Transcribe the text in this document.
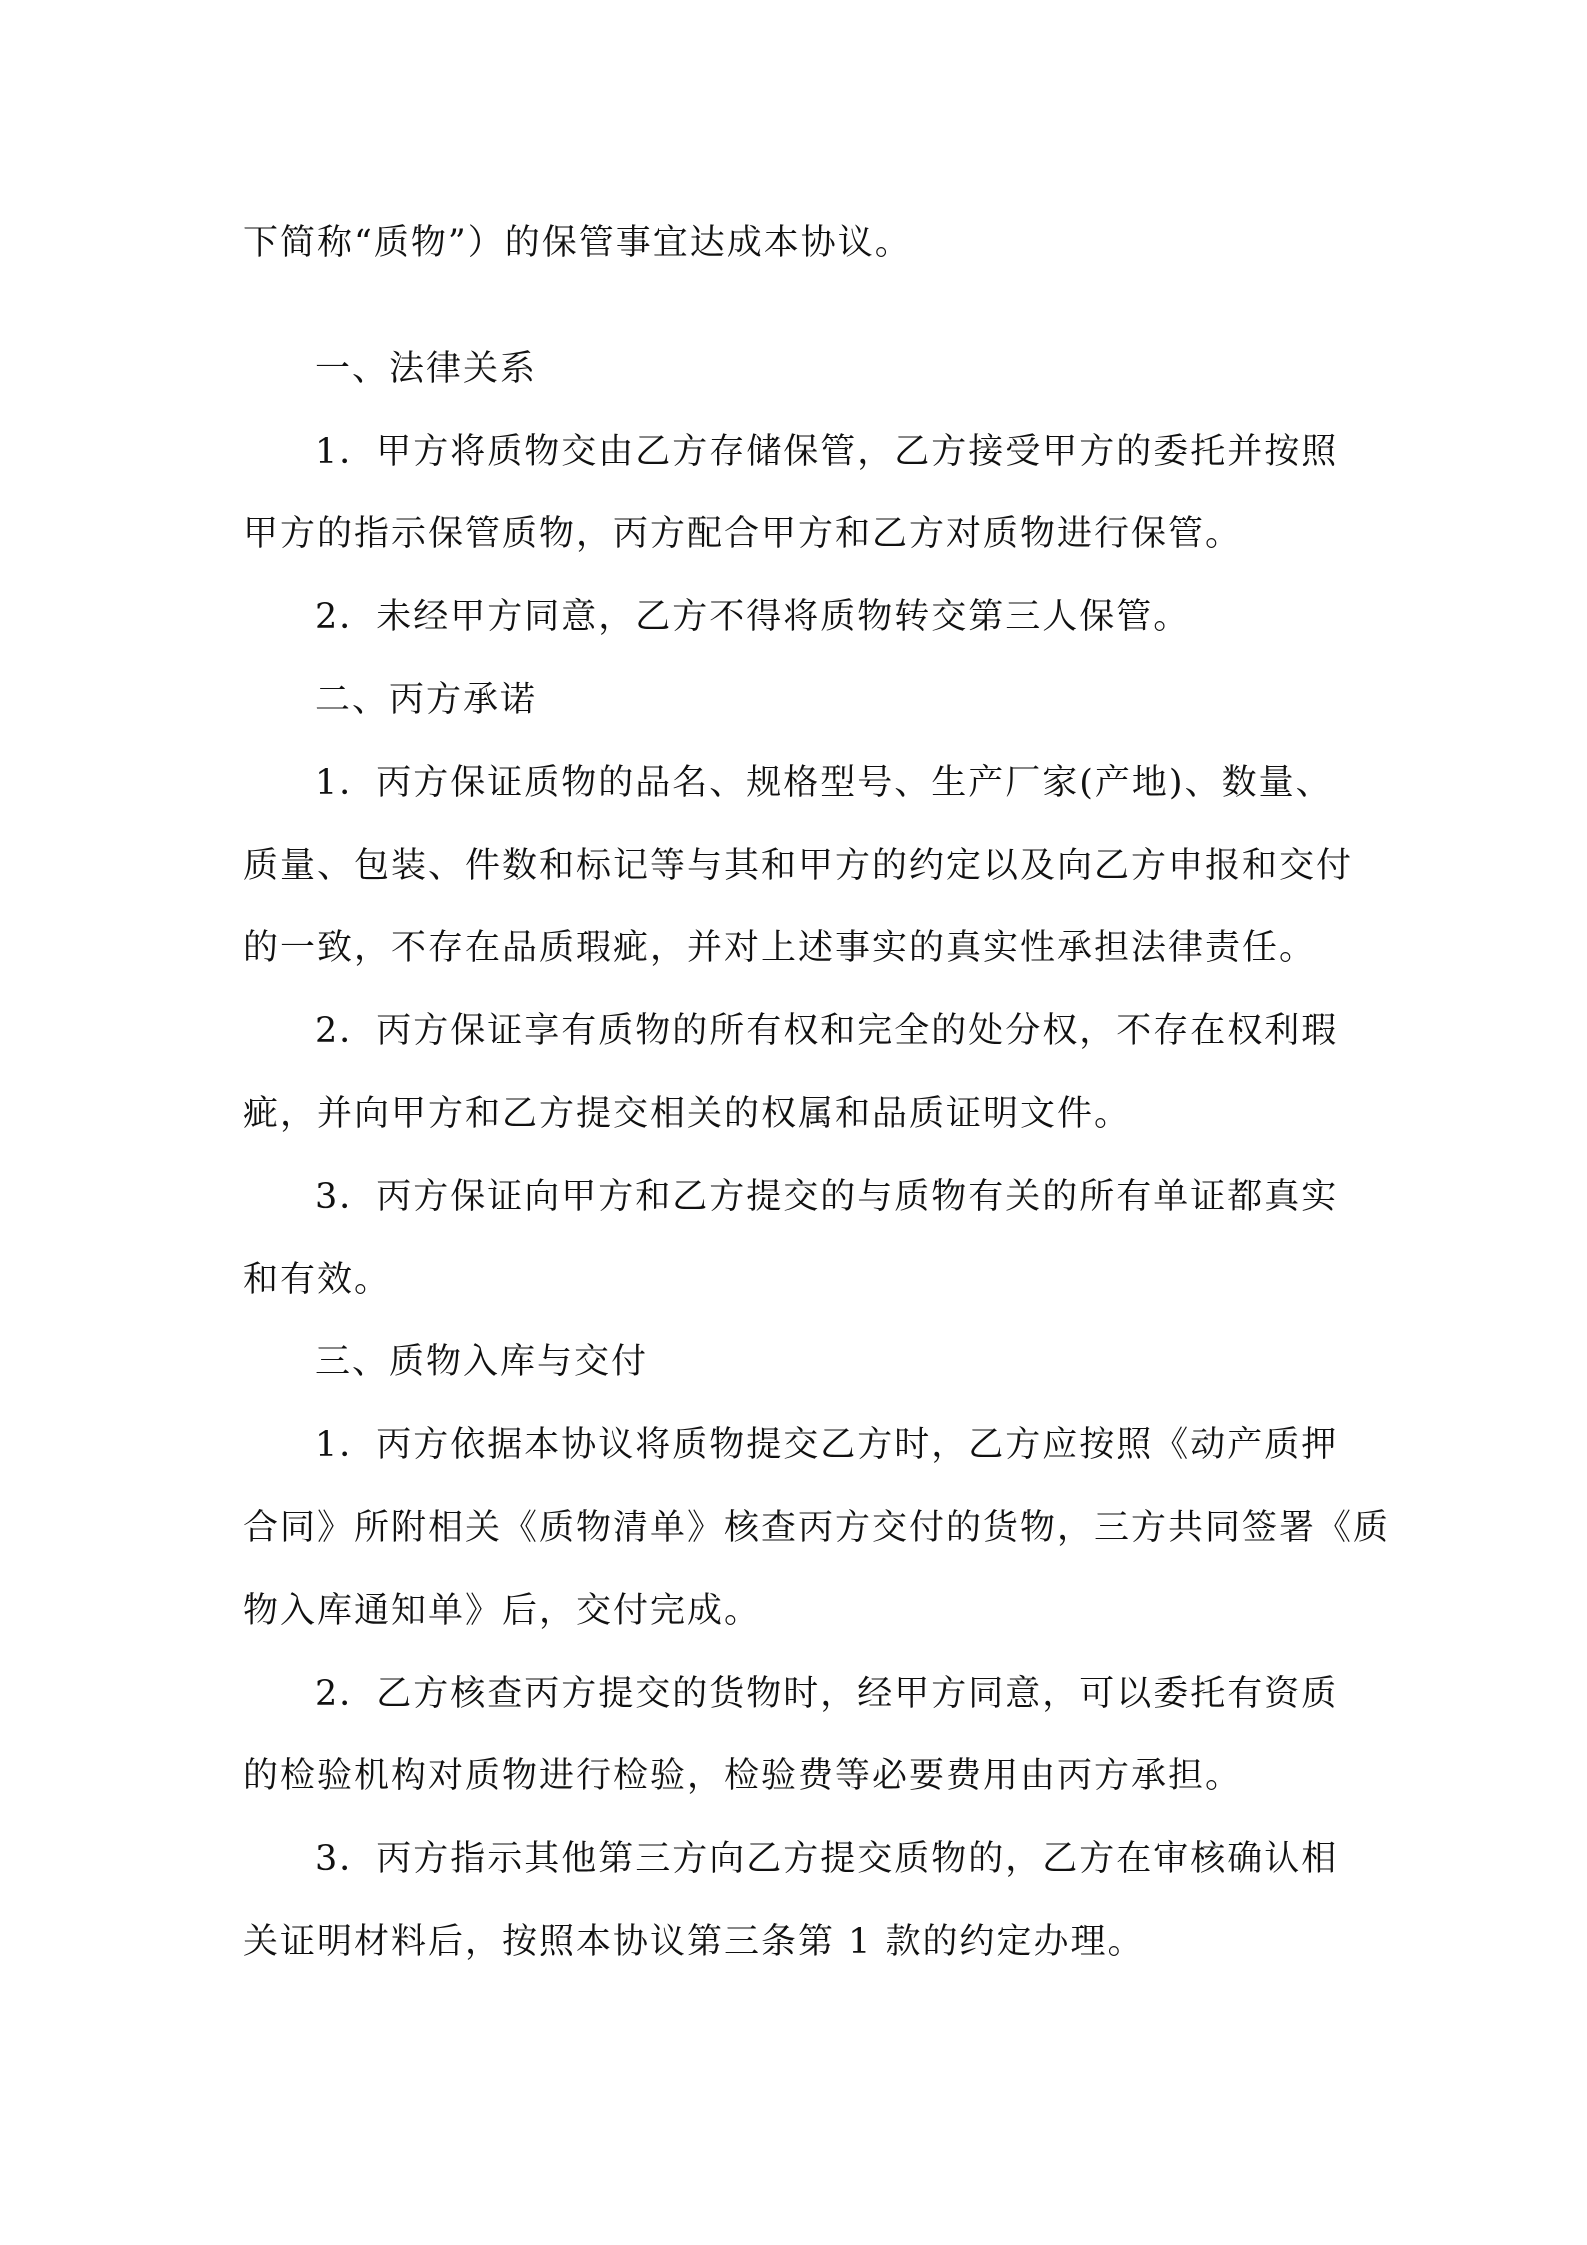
下简称“质物”）的保管事宜达成本协议。
一、法律关系
1．甲方将质物交由乙方存储保管，乙方接受甲方的委托并按照
甲方的指示保管质物，丙方配合甲方和乙方对质物进行保管。
2．未经甲方同意，乙方不得将质物转交第三人保管。
二、丙方承诺
1．丙方保证质物的品名、规格型号、生产厂家(产地)、数量、
质量、包装、件数和标记等与其和甲方的约定以及向乙方申报和交付
的一致，不存在品质瑕疵，并对上述事实的真实性承担法律责任。
2．丙方保证享有质物的所有权和完全的处分权，不存在权利瑕
疵，并向甲方和乙方提交相关的权属和品质证明文件。
3．丙方保证向甲方和乙方提交的与质物有关的所有单证都真实
和有效。
三、质物入库与交付
1．丙方依据本协议将质物提交乙方时，乙方应按照《动产质押
合同》所附相关《质物清单》核查丙方交付的货物，三方共同签署《质
物入库通知单》后，交付完成。
2．乙方核查丙方提交的货物时，经甲方同意，可以委托有资质
的检验机构对质物进行检验，检验费等必要费用由丙方承担。
3．丙方指示其他第三方向乙方提交质物的，乙方在审核确认相
关证明材料后，按照本协议第三条第 1 款的约定办理。
